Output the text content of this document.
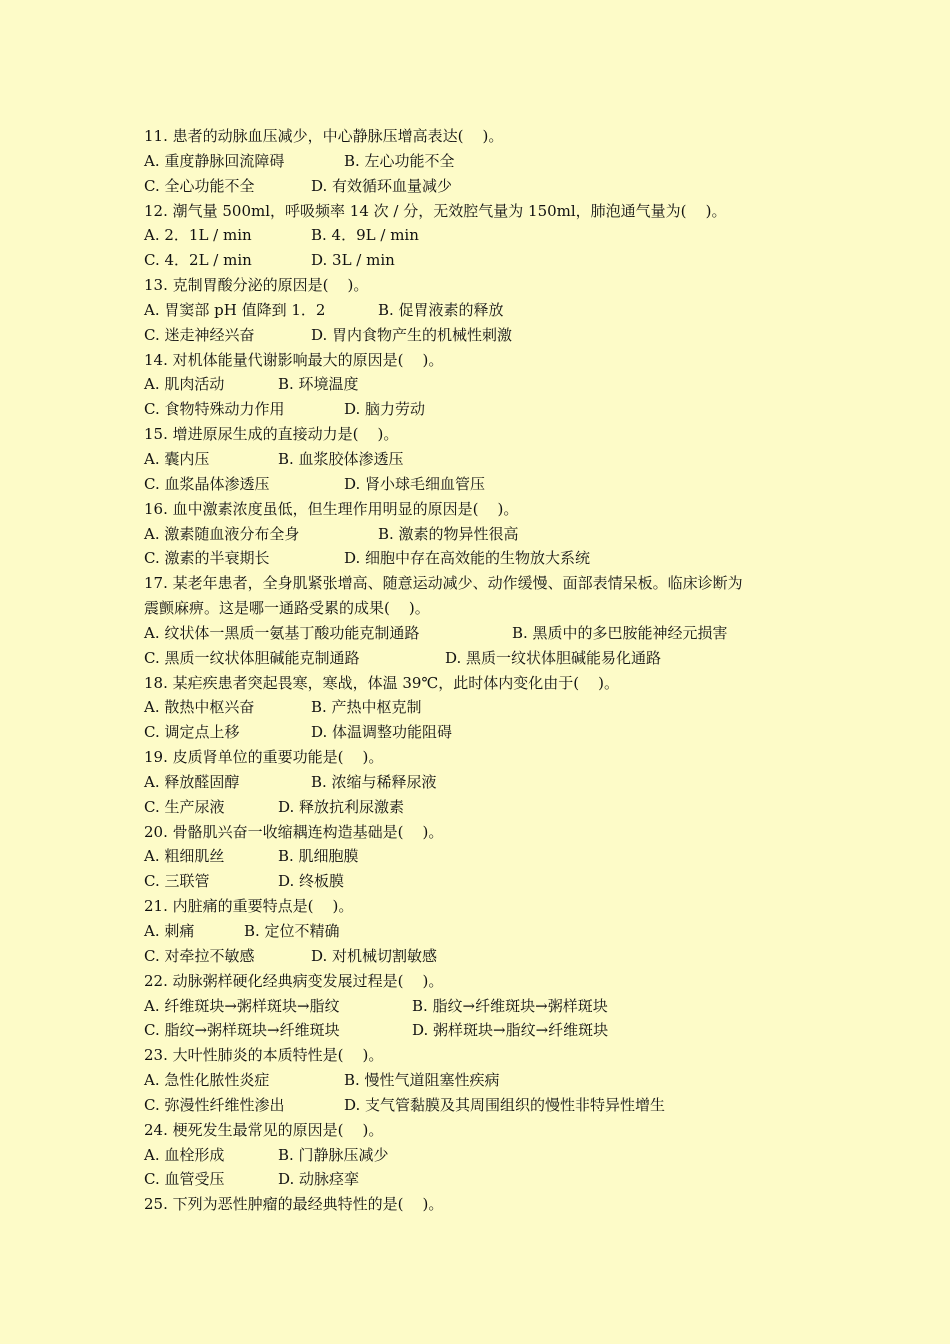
11. 患者的动脉血压减少，中心静脉压增高表达(    )。
A. 重度静脉回流障碍	B. 左心功能不全
C. 全心功能不全	D. 有效循环血量减少
12. 潮气量 500ml，呼吸频率 14 次 / 分，无效腔气量为 150ml，肺泡通气量为(    )。
A. 2．1L / min	B. 4．9L / min
C. 4．2L / min	D. 3L / min
13. 克制胃酸分泌的原因是(    )。
A. 胃窦部 pH 值降到 1．2	B. 促胃液素的释放
C. 迷走神经兴奋	D. 胃内食物产生的机械性刺激
14. 对机体能量代谢影响最大的原因是(    )。
A. 肌肉活动	B. 环境温度
C. 食物特殊动力作用	D. 脑力劳动
15. 增进原尿生成的直接动力是(    )。
A. 囊内压	B. 血浆胶体渗透压
C. 血浆晶体渗透压	D. 肾小球毛细血管压
16. 血中激素浓度虽低，但生理作用明显的原因是(    )。
A. 激素随血液分布全身	B. 激素的物异性很高
C. 激素的半衰期长	D. 细胞中存在高效能的生物放大系统
17. 某老年患者，全身肌紧张增高、随意运动减少、动作缓慢、面部表情呆板。临床诊断为
震颤麻痹。这是哪一通路受累的成果(    )。
A. 纹状体一黑质一氨基丁酸功能克制通路	B. 黑质中的多巴胺能神经元损害
C. 黑质一纹状体胆碱能克制通路	D. 黑质一纹状体胆碱能易化通路
18. 某疟疾患者突起畏寒，寒战，体温 39℃，此时体内变化由于(    )。
A. 散热中枢兴奋	B. 产热中枢克制
C. 调定点上移	D. 体温调整功能阻碍
19. 皮质肾单位的重要功能是(    )。
A. 释放醛固醇	B. 浓缩与稀释尿液
C. 生产尿液	D. 释放抗利尿激素
20. 骨骼肌兴奋一收缩耦连构造基础是(    )。
A. 粗细肌丝	B. 肌细胞膜
C. 三联管	D. 终板膜
21. 内脏痛的重要特点是(    )。
A. 刺痛	B. 定位不精确
C. 对牵拉不敏感	D. 对机械切割敏感
22. 动脉粥样硬化经典病变发展过程是(    )。
A. 纤维斑块→粥样斑块→脂纹	B. 脂纹→纤维斑块→粥样斑块
C. 脂纹→粥样斑块→纤维斑块	D. 粥样斑块→脂纹→纤维斑块
23. 大叶性肺炎的本质特性是(    )。
A. 急性化脓性炎症	B. 慢性气道阻塞性疾病
C. 弥漫性纤维性渗出	D. 支气管黏膜及其周围组织的慢性非特异性增生
24. 梗死发生最常见的原因是(    )。
A. 血栓形成	B. 门静脉压减少
C. 血管受压	D. 动脉痉挛
25. 下列为恶性肿瘤的最经典特性的是(    )。
